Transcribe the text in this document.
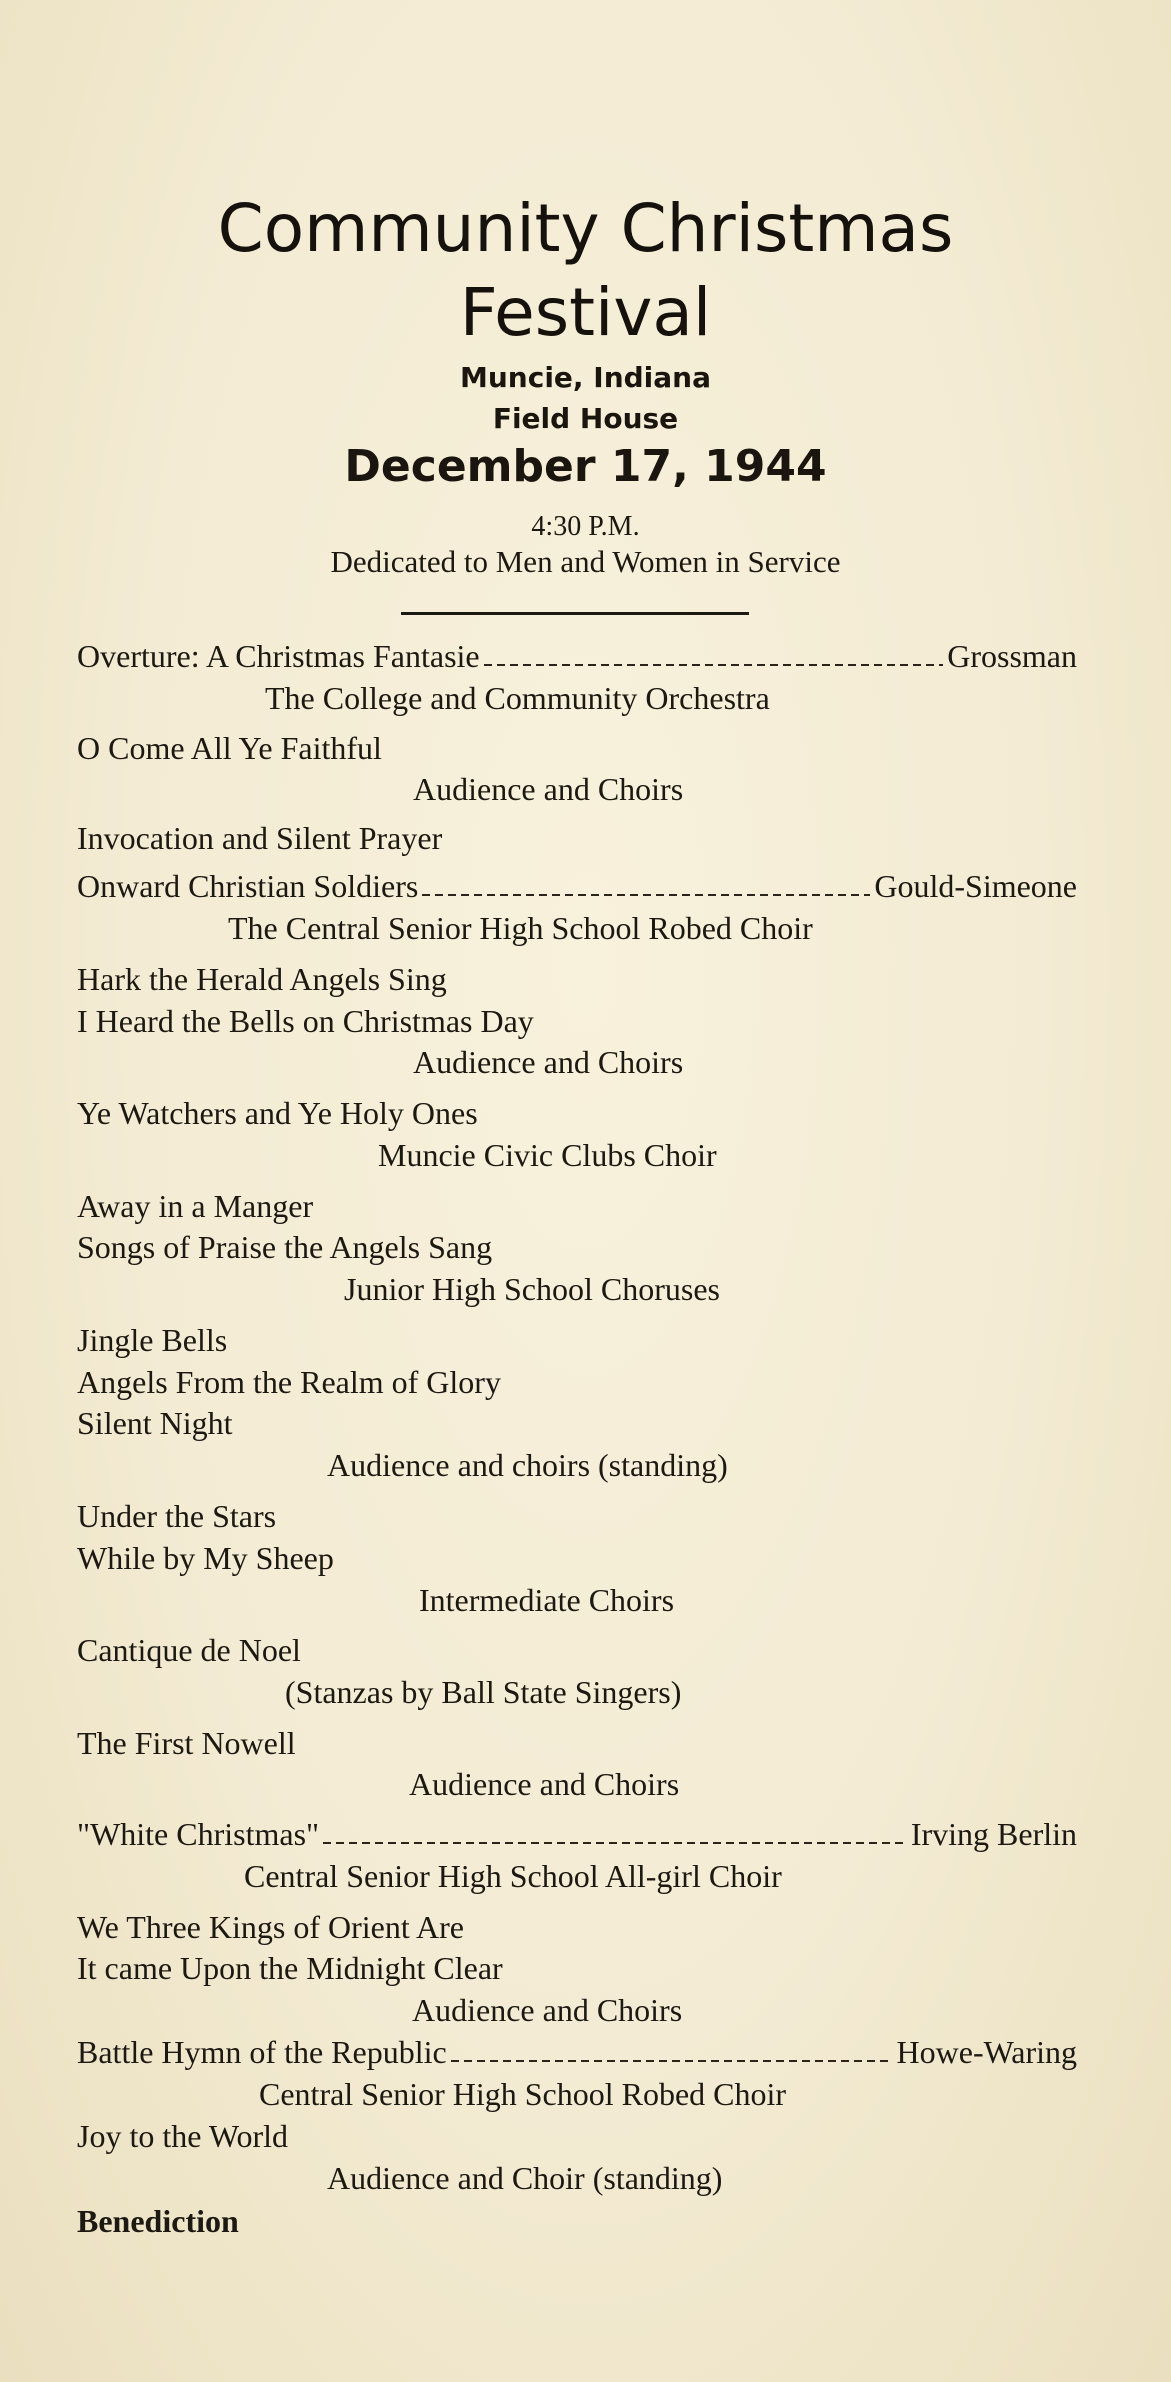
Community Christmas
Festival
Muncie, Indiana
Field House
December 17, 1944
4:30 P.M.
Dedicated to Men and Women in Service
Overture: A Christmas Fantasie	Grossman
The College and Community Orchestra
O Come All Ye Faithful
Audience and Choirs
Invocation and Silent Prayer
Onward Christian Soldiers	Gould-Simeone
The Central Senior High School Robed Choir
Hark the Herald Angels Sing
I Heard the Bells on Christmas Day
Audience and Choirs
Ye Watchers and Ye Holy Ones
Muncie Civic Clubs Choir
Away in a Manger
Songs of Praise the Angels Sang
Junior High School Choruses
Jingle Bells
Angels From the Realm of Glory
Silent Night
Audience and choirs (standing)
Under the Stars
While by My Sheep
Intermediate Choirs
Cantique de Noel
(Stanzas by Ball State Singers)
The First Nowell
Audience and Choirs
"White Christmas"	Irving Berlin
Central Senior High School All-girl Choir
We Three Kings of Orient Are
It came Upon the Midnight Clear
Audience and Choirs
Battle Hymn of the Republic	Howe-Waring
Central Senior High School Robed Choir
Joy to the World
Audience and Choir (standing)
Benediction
